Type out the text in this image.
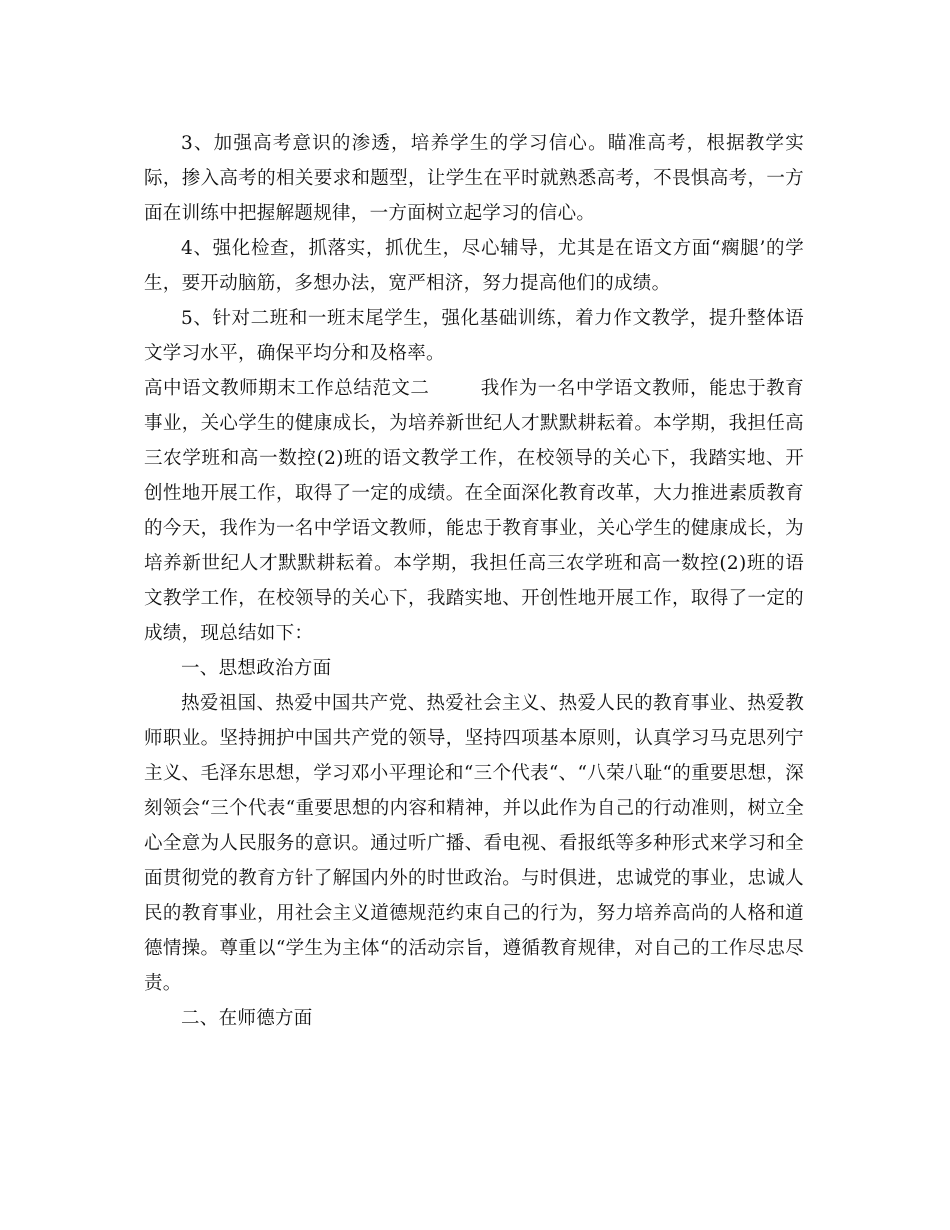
3、加强高考意识的渗透，培养学生的学习信心。瞄准高考，根据教学实际，掺入高考的相关要求和题型，让学生在平时就熟悉高考，不畏惧高考，一方面在训练中把握解题规律，一方面树立起学习的信心。

4、强化检查，抓落实，抓优生，尽心辅导，尤其是在语文方面“瘸腿’的学生，要开动脑筋，多想办法，宽严相济，努力提高他们的成绩。

5、针对二班和一班末尾学生，强化基础训练，着力作文教学，提升整体语文学习水平，确保平均分和及格率。

高中语文教师期末工作总结范文二	我作为一名中学语文教师，能忠于教育事业，关心学生的健康成长，为培养新世纪人才默默耕耘着。本学期，我担任高三农学班和高一数控(2)班的语文教学工作，在校领导的关心下，我踏实地、开创性地开展工作，取得了一定的成绩。在全面深化教育改革，大力推进素质教育的今天，我作为一名中学语文教师，能忠于教育事业，关心学生的健康成长，为培养新世纪人才默默耕耘着。本学期，我担任高三农学班和高一数控(2)班的语文教学工作，在校领导的关心下，我踏实地、开创性地开展工作，取得了一定的成绩，现总结如下：

一、思想政治方面

热爱祖国、热爱中国共产党、热爱社会主义、热爱人民的教育事业、热爱教师职业。坚持拥护中国共产党的领导，坚持四项基本原则，认真学习马克思列宁主义、毛泽东思想，学习邓小平理论和“三个代表“、“八荣八耻“的重要思想，深刻领会“三个代表“重要思想的内容和精神，并以此作为自己的行动准则，树立全心全意为人民服务的意识。通过听广播、看电视、看报纸等多种形式来学习和全面贯彻党的教育方针了解国内外的时世政治。与时俱进，忠诚党的事业，忠诚人民的教育事业，用社会主义道德规范约束自己的行为，努力培养高尚的人格和道德情操。尊重以“学生为主体“的活动宗旨，遵循教育规律，对自己的工作尽忠尽责。

二、在师德方面
